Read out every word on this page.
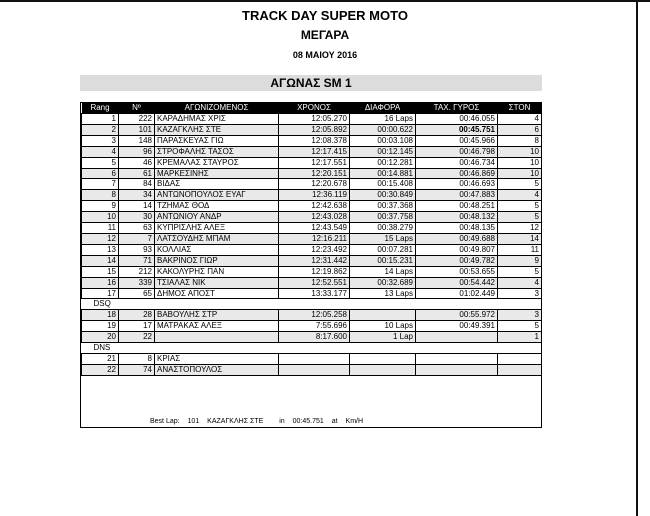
TRACK DAY SUPER MOTO
ΜΕΓΑΡΑ
08 ΜΑΙΟΥ 2016
ΑΓΩΝΑΣ SM 1
Rang	Nº	ΑΓΩΝΙΖΟΜΕΝΟΣ	ΧΡΟΝΟΣ	ΔΙΑΦΟΡΑ	ΤΑΧ. ΓΥΡΟΣ	ΣΤΟΝ
1	222	ΚΑΡΑΔΗΜΑΣ ΧΡΙΣ	12:05.270	16 Laps	00:46.055	4
2	101	ΚΑΖΑΓΚΛΗΣ ΣΤΕ	12:05.892	00:00.622	00:45.751	6
3	148	ΠΑΡΑΣΚΕΥΑΣ ΓΙΩ	12:08.378	00:03.108	00:45.966	8
4	96	ΣΤΡΟΦΑΛΗΣ ΤΑΣΟΣ	12:17.415	00:12.145	00:46.798	10
5	46	ΚΡΕΜΑΛΑΣ ΣΤΑΥΡΟΣ	12:17.551	00:12.281	00:46.734	10
6	61	ΜΑΡΚΕΣΙΝΗΣ	12:20.151	00:14.881	00:46.869	10
7	84	ΒΙΔΑΣ	12:20.678	00:15.408	00:46.693	5
8	34	ΑΝΤΩΝΟΠΟΥΛΟΣ ΕΥΑΓ	12:36.119	00:30.849	00:47.883	4
9	14	ΤΖΗΜΑΣ ΘΟΔ	12:42.638	00:37.368	00:48.251	5
10	30	ΑΝΤΩΝΙΟΥ ΑΝΔΡ	12:43.028	00:37.758	00:48.132	5
11	63	ΚΥΠΡΙΣΛΗΣ ΑΛΕΞ	12:43.549	00:38.279	00:48.135	12
12	7	ΛΑΤΣΟΥΔΗΣ ΜΠΑΜ	12:16.211	15 Laps	00:49.688	14
13	93	ΚΟΛΛΙΑΣ	12:23.492	00:07.281	00:49.807	11
14	71	ΒΑΚΡΙΝΟΣ ΓΙΩΡ	12:31.442	00:15.231	00:49.782	9
15	212	ΚΑΚΟΛΥΡΗΣ ΠΑΝ	12:19.862	14 Laps	00:53.655	5
16	339	ΤΣΙΑΛΑΣ ΝΙΚ	12:52.551	00:32.689	00:54.442	4
17	65	ΔΗΜΟΣ ΑΠΟΣΤ	13:33.177	13 Laps	01:02.449	3
DSQ						
18	28	ΒΑΒΟΥΛΗΣ ΣΤΡ	12:05.258		00:55.972	3
19	17	ΜΑΤΡΑΚΑΣ ΑΛΕΞ	7:55.696	10 Laps	00:49.391	5
20	22		8:17.600	1 Lap		1
DNS						
21	8	ΚΡΙΑΣ				
22	74	ΑΝΑΣΤΟΠΟΥΛΟΣ				
Best Lap: 101 ΚΑΖΑΓΚΛΗΣ ΣΤΕ in 00:45.751 at Km/H
